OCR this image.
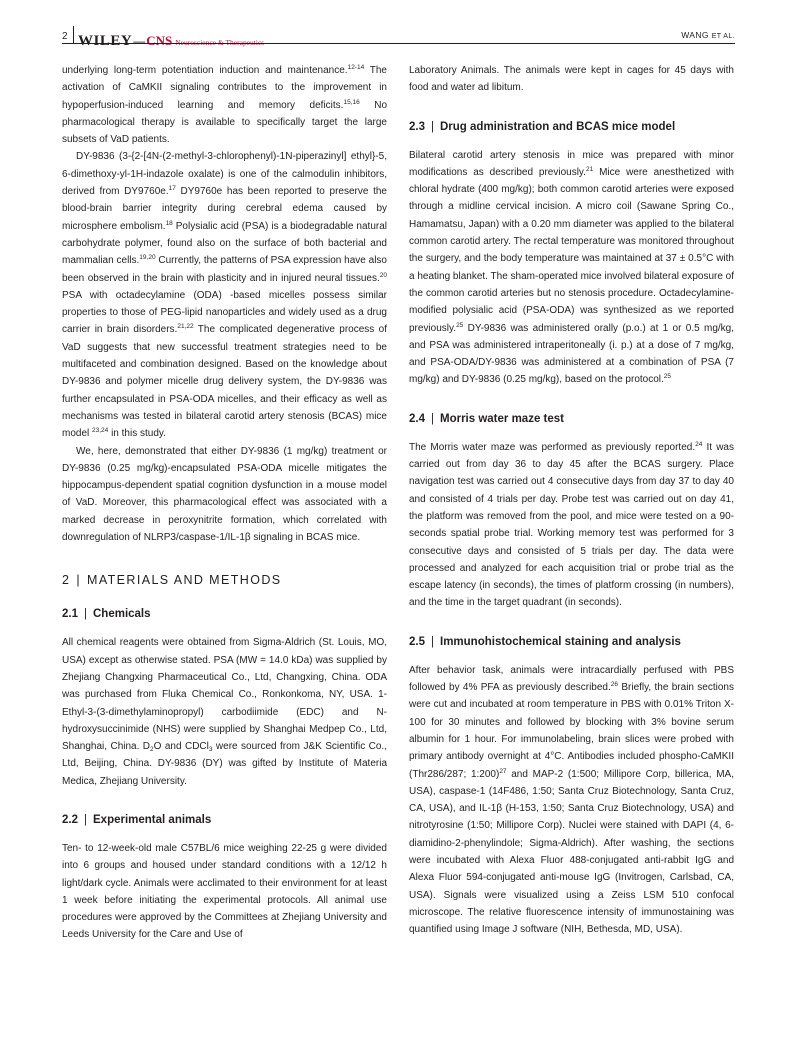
2 WILEY — CNS Neuroscience & Therapeutics
WANG ET AL.

underlying long-term potentiation induction and maintenance.$^{12-14}$ The activation of CaMKII signaling contributes to the improvement in hypoperfusion-induced learning and memory deficits.$^{15,16}$ No pharmacological therapy is available to specifically target the large subsets of VaD patients.

DY-9836 (3-{2-[4N-(2-methyl-3-chlorophenyl)-1N-piperazinyl] ethyl}-5, 6-dimethoxy-yl-1H-indazole oxalate) is one of the calmodulin inhibitors, derived from DY9760e.$^{17}$ DY9760e has been reported to preserve the blood-brain barrier integrity during cerebral edema caused by microsphere embolism.$^{18}$ Polysialic acid (PSA) is a biodegradable natural carbohydrate polymer, found also on the surface of both bacterial and mammalian cells.$^{19,20}$ Currently, the patterns of PSA expression have also been observed in the brain with plasticity and in injured neural tissues.$^{20}$ PSA with octadecylamine (ODA) -based micelles possess similar properties to those of PEG-lipid nanoparticles and widely used as a drug carrier in brain disorders.$^{21,22}$ The complicated degenerative process of VaD suggests that new successful treatment strategies need to be multifaceted and combination designed. Based on the knowledge about DY-9836 and polymer micelle drug delivery system, the DY-9836 was further encapsulated in PSA-ODA micelles, and their efficacy as well as mechanisms was tested in bilateral carotid artery stenosis (BCAS) mice model $^{23,24}$ in this study.

We, here, demonstrated that either DY-9836 (1 mg/kg) treatment or DY-9836 (0.25 mg/kg)-encapsulated PSA-ODA micelle mitigates the hippocampus-dependent spatial cognition dysfunction in a mouse model of VaD. Moreover, this pharmacological effect was associated with a marked decrease in peroxynitrite formation, which correlated with downregulation of NLRP3/caspase-1/IL-1β signaling in BCAS mice.

2 | MATERIALS AND METHODS
2.1 | Chemicals

All chemical reagents were obtained from Sigma-Aldrich (St. Louis, MO, USA) except as otherwise stated. PSA (MW = 14.0 kDa) was supplied by Zhejiang Changxing Pharmaceutical Co., Ltd, Changxing, China. ODA was purchased from Fluka Chemical Co., Ronkonkoma, NY, USA. 1-Ethyl-3-(3-dimethylaminopropyl) carbodiimide (EDC) and N-hydroxysuccinimide (NHS) were supplied by Shanghai Medpep Co., Ltd, Shanghai, China. $D_2O$ and CDCl$_3$ were sourced from J&K Scientific Co., Ltd, Beijing, China. DY-9836 (DY) was gifted by Institute of Materia Medica, Zhejiang University.

2.2 | Experimental animals

Ten- to 12-week-old male C57BL/6 mice weighing 22-25 g were divided into 6 groups and housed under standard conditions with a 12/12 h light/dark cycle. Animals were acclimated to their environment for at least 1 week before initiating the experimental protocols. All animal use procedures were approved by the Committees at Zhejiang University and Leeds University for the Care and Use of

Laboratory Animals. The animals were kept in cages for 45 days with food and water ad libitum.

2.3 | Drug administration and BCAS mice model

Bilateral carotid artery stenosis in mice was prepared with minor modifications as described previously.$^{21}$ Mice were anesthetized with chloral hydrate (400 mg/kg); both common carotid arteries were exposed through a midline cervical incision. A micro coil (Sawane Spring Co., Hamamatsu, Japan) with a 0.20 mm diameter was applied to the bilateral common carotid artery. The rectal temperature was monitored throughout the surgery, and the body temperature was maintained at 37 ± 0.5°C with a heating blanket. The sham-operated mice involved bilateral exposure of the common carotid arteries but no stenosis procedure. Octadecylamine-modified polysialic acid (PSA-ODA) was synthesized as we reported previously.$^{25}$ DY-9836 was administered orally (p.o.) at 1 or 0.5 mg/kg, and PSA was administered intraperitoneally (i. p.) at a dose of 7 mg/kg, and PSA-ODA/DY-9836 was administered at a combination of PSA (7 mg/kg) and DY-9836 (0.25 mg/kg), based on the protocol.$^{25}$

2.4 | Morris water maze test

The Morris water maze was performed as previously reported.$^{24}$ It was carried out from day 36 to day 45 after the BCAS surgery. Place navigation test was carried out 4 consecutive days from day 37 to day 40 and consisted of 4 trials per day. Probe test was carried out on day 41, the platform was removed from the pool, and mice were tested on a 90-seconds spatial probe trial. Working memory test was performed for 3 consecutive days and consisted of 5 trials per day. The data were processed and analyzed for each acquisition trial or probe trial as the escape latency (in seconds), the times of platform crossing (in numbers), and the time in the target quadrant (in seconds).

2.5 | Immunohistochemical staining and analysis

After behavior task, animals were intracardially perfused with PBS followed by 4% PFA as previously described.$^{26}$ Briefly, the brain sections were cut and incubated at room temperature in PBS with 0.01% Triton X-100 for 30 minutes and followed by blocking with 3% bovine serum albumin for 1 hour. For immunolabeling, brain slices were probed with primary antibody overnight at 4°C. Antibodies included phospho-CaMKII (Thr286/287; 1:200)$^{27}$ and MAP-2 (1:500; Millipore Corp, billerica, MA, USA), caspase-1 (14F486, 1:50; Santa Cruz Biotechnology, Santa Cruz, CA, USA), and IL-1β (H-153, 1:50; Santa Cruz Biotechnology, USA) and nitrotyrosine (1:50; Millipore Corp). Nuclei were stained with DAPI (4, 6-diamidino-2-phenylindole; Sigma-Aldrich). After washing, the sections were incubated with Alexa Fluor 488-conjugated anti-rabbit IgG and Alexa Fluor 594-conjugated anti-mouse IgG (Invitrogen, Carlsbad, CA, USA). Signals were visualized using a Zeiss LSM 510 confocal microscope. The relative fluorescence intensity of immunostaining was quantified using Image J software (NIH, Bethesda, MD, USA).
